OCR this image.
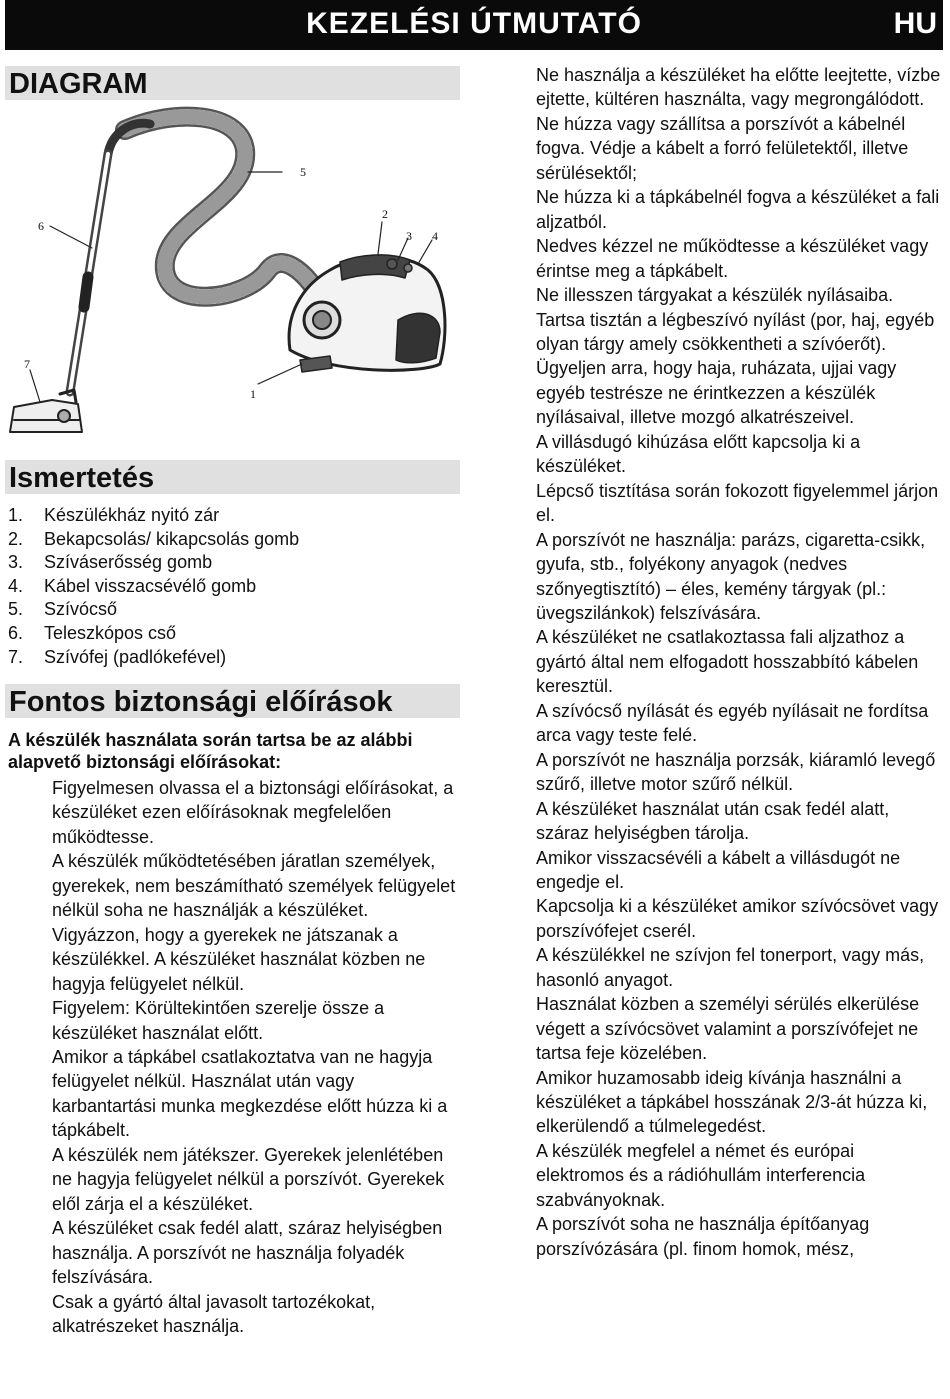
KEZELÉSI ÚTMUTATÓ	HU
DIAGRAM
1
2
3 4
5
6
7
Ismertetés
1. Készülékház nyitó zár
2. Bekapcsolás/ kikapcsolás gomb
3. Szíváserősség gomb
4. Kábel visszacsévélő gomb
5. Szívócső
6. Teleszkópos cső
7. Szívófej (padlókefével)
Fontos biztonsági előírások
A készülék használata során tartsa be az alábbi alapvető biztonsági előírásokat:

Figyelmesen olvassa el a biztonsági előírásokat, a készüléket ezen előírásoknak megfelelően működtesse.

A készülék működtetésében járatlan személyek, gyerekek, nem beszámítható személyek felügyelet nélkül soha ne használják a készüléket. Vigyázzon, hogy a gyerekek ne játszanak a készülékkel. A készüléket használat közben ne hagyja felügyelet nélkül.

Figyelem: Körültekintően szerelje össze a készüléket használat előtt.

Amikor a tápkábel csatlakoztatva van ne hagyja felügyelet nélkül. Használat után vagy karbantartási munka megkezdése előtt húzza ki a tápkábelt.

A készülék nem játékszer. Gyerekek jelenlétében ne hagyja felügyelet nélkül a porszívót. Gyerekek elől zárja el a készüléket.

A készüléket csak fedél alatt, száraz helyiségben használja. A porszívót ne használja folyadék felszívására.

Csak a gyártó által javasolt tartozékokat, alkatrészeket használja.

Ne használja a készüléket ha előtte leejtette, vízbe ejtette, kültéren használta, vagy megrongálódott.

Ne húzza vagy szállítsa a porszívót a kábelnél fogva. Védje a kábelt a forró felületektől, illetve sérülésektől;

Ne húzza ki a tápkábelnél fogva a készüléket a fali aljzatból.

Nedves kézzel ne működtesse a készüléket vagy érintse meg a tápkábelt.

Ne illesszen tárgyakat a készülék nyílásaiba.

Tartsa tisztán a légbeszívó nyílást (por, haj, egyéb olyan tárgy amely csökkentheti a szívóerőt).

Ügyeljen arra, hogy haja, ruházata, ujjai vagy egyéb testrésze ne érintkezzen a készülék nyílásaival, illetve mozgó alkatrészeivel.

A villásdugó kihúzása előtt kapcsolja ki a készüléket.

Lépcső tisztítása során fokozott figyelemmel járjon el.

A porszívót ne használja: parázs, cigaretta-csikk, gyufa, stb., folyékony anyagok (nedves szőnyegtisztító) – éles, kemény tárgyak (pl.: üvegszilánkok) felszívására.

A készüléket ne csatlakoztassa fali aljzathoz a gyártó által nem elfogadott hosszabbító kábelen keresztül.

A szívócső nyílását és egyéb nyílásait ne fordítsa arca vagy teste felé.

A porszívót ne használja porzsák, kiáramló levegő szűrő, illetve motor szűrő nélkül.

A készüléket használat után csak fedél alatt, száraz helyiségben tárolja.

Amikor visszacsévéli a kábelt a villásdugót ne engedje el.

Kapcsolja ki a készüléket amikor szívócsövet vagy porszívófejet cserél.

A készülékkel ne szívjon fel tonerport, vagy más, hasonló anyagot.

Használat közben a személyi sérülés elkerülése végett a szívócsövet valamint a porszívófejet ne tartsa feje közelében.

Amikor huzamosabb ideig kívánja használni a készüléket a tápkábel hosszának 2/3-át húzza ki, elkerülendő a túlmelegedést.

A készülék megfelel a német és európai elektromos és a rádióhullám interferencia szabványoknak.

A porszívót soha ne használja építőanyag porszívózására (pl. finom homok, mész,
